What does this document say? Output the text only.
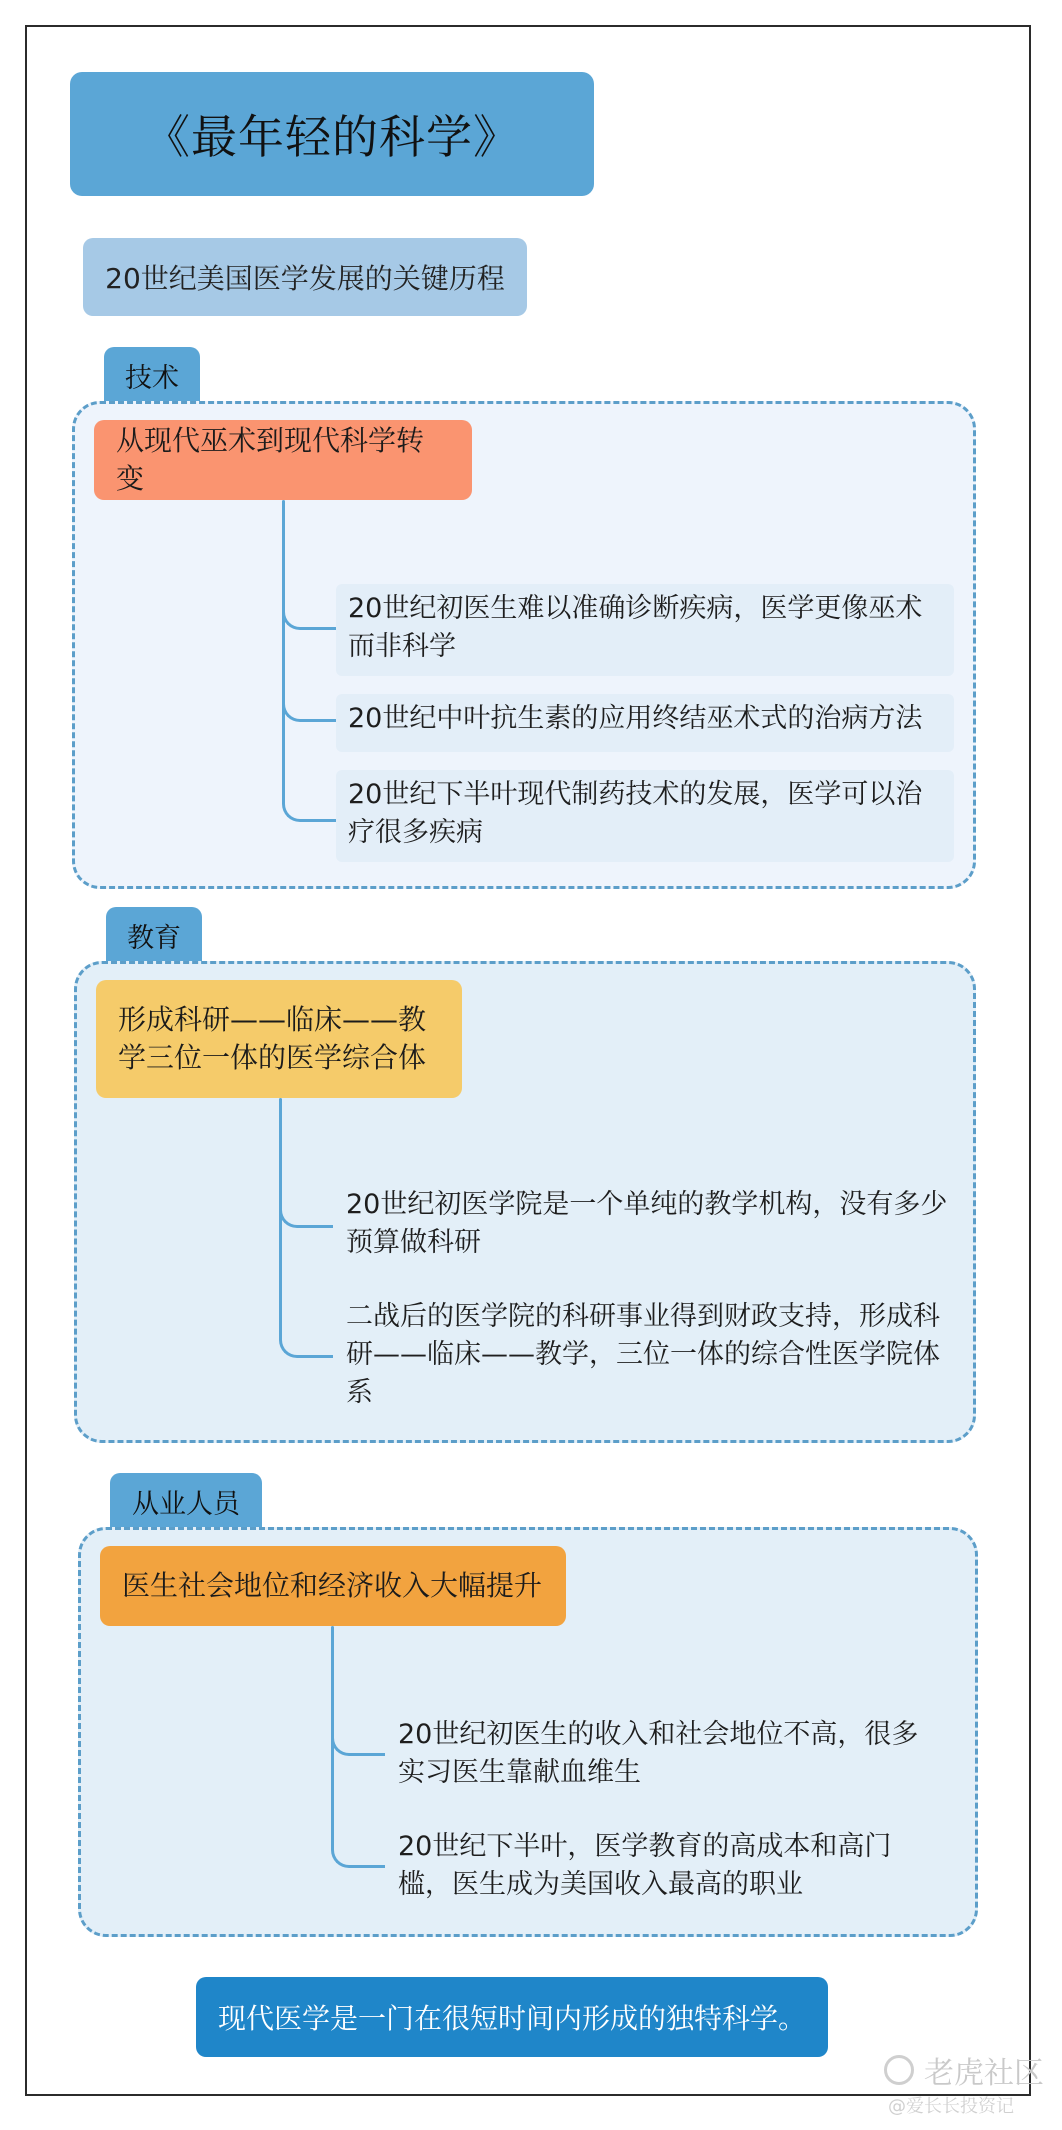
《最年轻的科学》
20世纪美国医学发展的关键历程
技术
从现代巫术到现代科学转变
20世纪初医生难以准确诊断疾病，医学更像巫术而非科学
20世纪中叶抗生素的应用终结巫术式的治病方法
20世纪下半叶现代制药技术的发展，医学可以治疗很多疾病
教育
形成科研——临床——教学三位一体的医学综合体
20世纪初医学院是一个单纯的教学机构，没有多少预算做科研
二战后的医学院的科研事业得到财政支持，形成科研——临床——教学，三位一体的综合性医学院体系
从业人员
医生社会地位和经济收入大幅提升
20世纪初医生的收入和社会地位不高，很多实习医生靠献血维生
20世纪下半叶，医学教育的高成本和高门槛，医生成为美国收入最高的职业
现代医学是一门在很短时间内形成的独特科学。
老虎社区
@爱长长投资记
